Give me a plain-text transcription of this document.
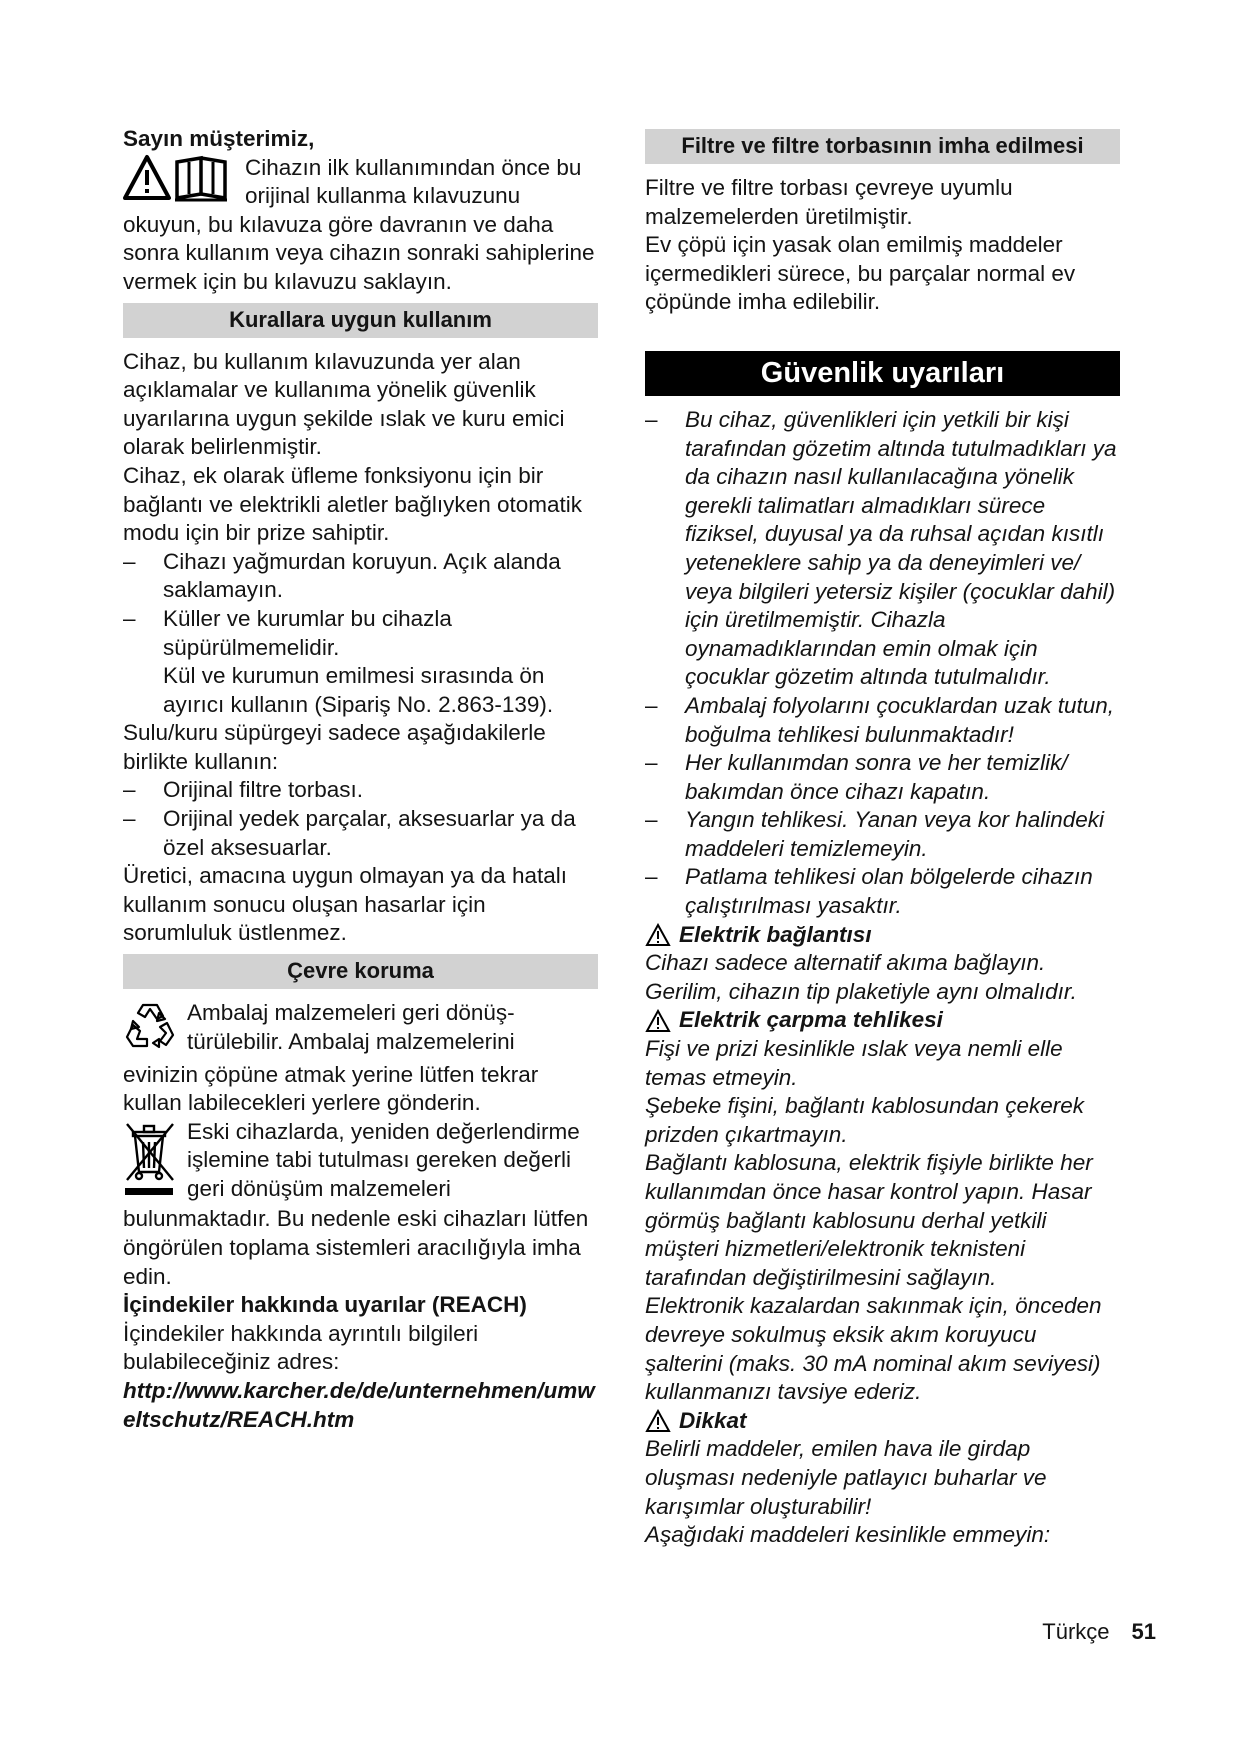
Sayın müşterimiz,

Cihazın ilk kullanımından önce bu orijinal kullanma kılavuzunu

okuyun, bu kılavuza göre davranın ve daha sonra kullanım veya cihazın sonraki sahiplerine vermek için bu kılavuzu saklayın.

Kurallara uygun kullanım

Cihaz, bu kullanım kılavuzunda yer alan açıklamalar ve kullanıma yönelik güvenlik uyarılarına uygun şekilde ıslak ve kuru emici olarak belirlenmiştir.

Cihaz, ek olarak üfleme fonksiyonu için bir bağlantı ve elektrikli aletler bağlıyken otomatik modu için bir prize sahiptir.

– Cihazı yağmurdan koruyun. Açık alanda saklamayın.
– Küller ve kurumlar bu cihazla süpürülmemelidir.

Kül ve kurumun emilmesi sırasında ön ayırıcı kullanın (Sipariş No. 2.863-139).

Sulu/kuru süpürgeyi sadece aşağıdakilerle birlikte kullanın:

– Orijinal filtre torbası.
– Orijinal yedek parçalar, aksesuarlar ya da özel aksesuarlar.

Üretici, amacına uygun olmayan ya da hatalı kullanım sonucu oluşan hasarlar için sorumluluk üstlenmez.

Çevre koruma

Ambalaj malzemeleri geri dönüş-türülebilir. Ambalaj malzemelerini

evinizin çöpüne atmak yerine lütfen tekrar kullan labilecekleri yerlere gönderin.

Eski cihazlarda, yeniden değerlendirme işlemine tabi tutulması gereken değerli geri dönüşüm malzemeleri

bulunmaktadır. Bu nedenle eski cihazları lütfen öngörülen toplama sistemleri aracılığıyla imha edin.

İçindekiler hakkında uyarılar (REACH)

İçindekiler hakkında ayrıntılı bilgileri bulabileceğiniz adres:

http://www.karcher.de/de/unternehmen/umweltschutz/REACH.htm

Filtre ve filtre torbasının imha edilmesi

Filtre ve filtre torbası çevreye uyumlu malzemelerden üretilmiştir.

Ev çöpü için yasak olan emilmiş maddeler içermedikleri sürece, bu parçalar normal ev çöpünde imha edilebilir.

Güvenlik uyarıları
– Bu cihaz, güvenlikleri için yetkili bir kişi tarafından gözetim altında tutulmadıkları ya da cihazın nasıl kullanılacağına yönelik gerekli talimatları almadıkları sürece fiziksel, duyusal ya da ruhsal açıdan kısıtlı yeteneklere sahip ya da deneyimleri ve/ veya bilgileri yetersiz kişiler (çocuklar dahil) için üretilmemiştir. Cihazla oynamadıklarından emin olmak için çocuklar gözetim altında tutulmalıdır.
– Ambalaj folyolarını çocuklardan uzak tutun, boğulma tehlikesi bulunmaktadır!
– Her kullanımdan sonra ve her temizlik/ bakımdan önce cihazı kapatın.
– Yangın tehlikesi. Yanan veya kor halindeki maddeleri temizlemeyin.
– Patlama tehlikesi olan bölgelerde cihazın çalıştırılması yasaktır.
Elektrik bağlantısı

Cihazı sadece alternatif akıma bağlayın. Gerilim, cihazın tip plaketiyle aynı olmalıdır.

Elektrik çarpma tehlikesi

Fişi ve prizi kesinlikle ıslak veya nemli elle temas etmeyin.

Şebeke fişini, bağlantı kablosundan çekerek prizden çıkartmayın.

Bağlantı kablosuna, elektrik fişiyle birlikte her kullanımdan önce hasar kontrol yapın. Hasar görmüş bağlantı kablosunu derhal yetkili müşteri hizmetleri/elektronik teknisteni tarafından değiştirilmesini sağlayın.

Elektronik kazalardan sakınmak için, önceden devreye sokulmuş eksik akım koruyucu şalterini (maks. 30 mA nominal akım seviyesi) kullanmanızı tavsiye ederiz.

Dikkat

Belirli maddeler, emilen hava ile girdap oluşması nedeniyle patlayıcı buharlar ve karışımlar oluşturabilir!

Aşağıdaki maddeleri kesinlikle emmeyin:

Türkçe 51
